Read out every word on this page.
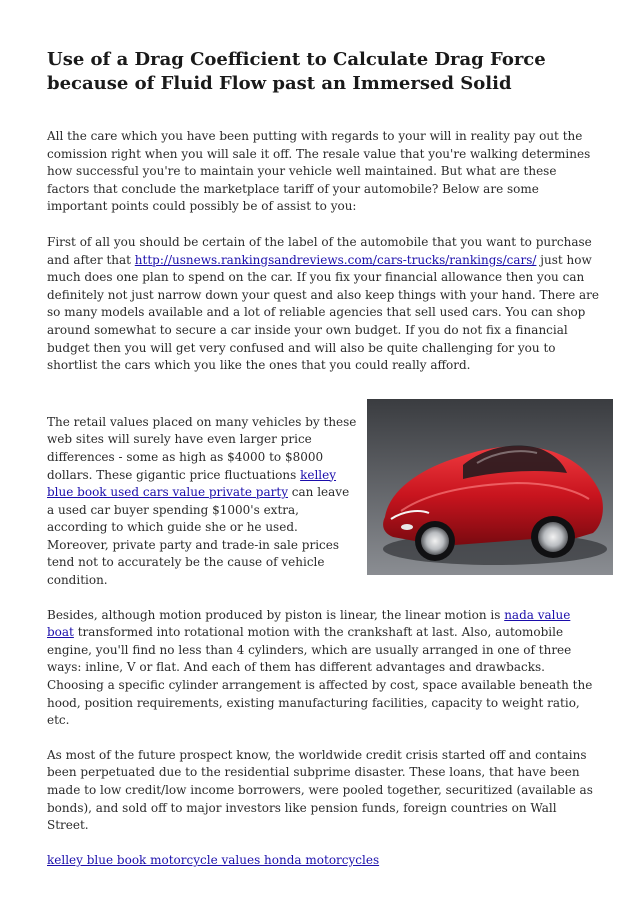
Use of a Drag Coefficient to Calculate Drag Force because of Fluid Flow past an Immersed Solid

All the care which you have been putting with regards to your will in reality pay out the comission right when you will sale it off. The resale value that you're walking determines how successful you're to maintain your vehicle well maintained. But what are these factors that conclude the marketplace tariff of your automobile? Below are some important points could possibly be of assist to you:

First of all you should be certain of the label of the automobile that you want to purchase and after that http://usnews.rankingsandreviews.com/cars-trucks/rankings/cars/ just how much does one plan to spend on the car. If you fix your financial allowance then you can definitely not just narrow down your quest and also keep things with your hand. There are so many models available and a lot of reliable agencies that sell used cars. You can shop around somewhat to secure a car inside your own budget. If you do not fix a financial budget then you will get very confused and will also be quite challenging for you to shortlist the cars which you like the ones that you could really afford.

The retail values placed on many vehicles by these web sites will surely have even larger price differences - some as high as $4000 to $8000 dollars. These gigantic price fluctuations kelley blue book used cars value private party can leave a used car buyer spending $1000's extra, according to which guide she or he used. Moreover, private party and trade-in sale prices tend not to accurately be the cause of vehicle condition.

Besides, although motion produced by piston is linear, the linear motion is nada value boat transformed into rotational motion with the crankshaft at last. Also, automobile engine, you'll find no less than 4 cylinders, which are usually arranged in one of three ways: inline, V or flat. And each of them has different advantages and drawbacks. Choosing a specific cylinder arrangement is affected by cost, space available beneath the hood, position requirements, existing manufacturing facilities, capacity to weight ratio, etc.

As most of the future prospect know, the worldwide credit crisis started off and contains been perpetuated due to the residential subprime disaster. These loans, that have been made to low credit/low income borrowers, were pooled together, securitized (available as bonds), and sold off to major investors like pension funds, foreign countries on Wall Street.

kelley blue book motorcycle values honda motorcycles
